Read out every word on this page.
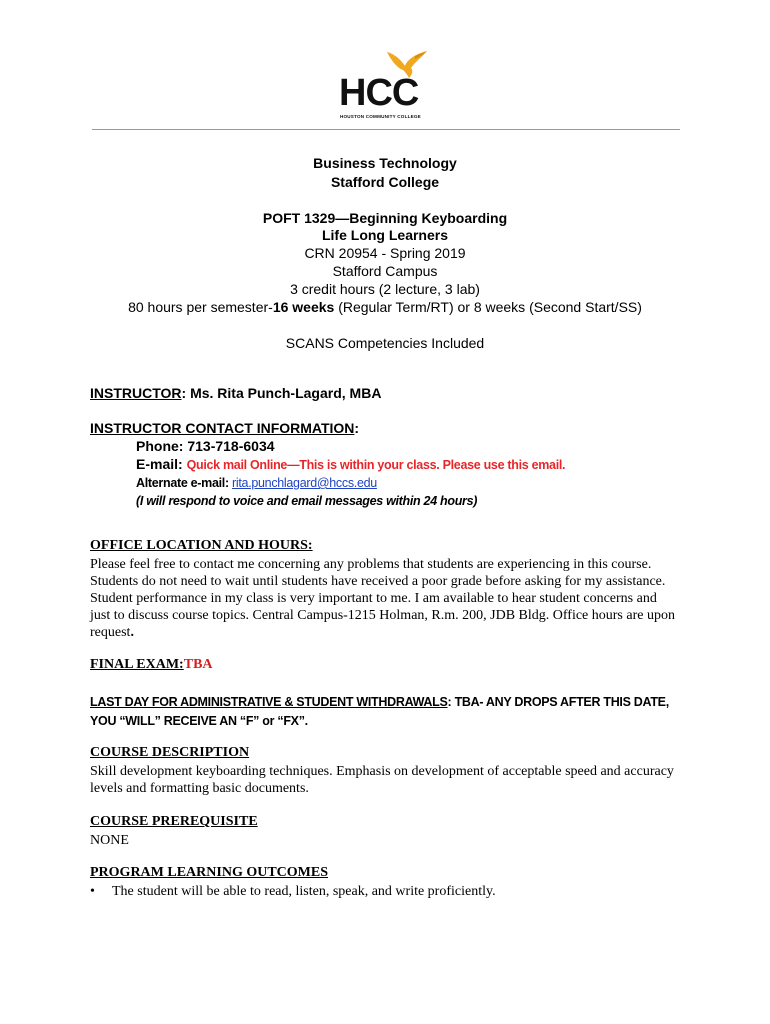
HCC
HOUSTON COMMUNITY COLLEGE
Business Technology
Stafford College
POFT 1329—Beginning Keyboarding
Life Long Learners
CRN 20954 - Spring 2019
Stafford Campus
3 credit hours (2 lecture, 3 lab)
80 hours per semester-16 weeks (Regular Term/RT) or 8 weeks (Second Start/SS)
SCANS Competencies Included
INSTRUCTOR: Ms. Rita Punch-Lagard, MBA
INSTRUCTOR CONTACT INFORMATION:
Phone: 713-718-6034
E-mail: Quick mail Online—This is within your class. Please use this email.
Alternate e-mail: rita.punchlagard@hccs.edu
(I will respond to voice and email messages within 24 hours)
OFFICE LOCATION AND HOURS:
Please feel free to contact me concerning any problems that students are experiencing in this course. Students do not need to wait until students have received a poor grade before asking for my assistance. Student performance in my class is very important to me. I am available to hear student concerns and just to discuss course topics. Central Campus-1215 Holman, R.m. 200, JDB Bldg. Office hours are upon request.
FINAL EXAM:TBA
LAST DAY FOR ADMINISTRATIVE & STUDENT WITHDRAWALS: TBA- ANY DROPS AFTER THIS DATE, YOU “WILL” RECEIVE AN “F” or “FX”.
COURSE DESCRIPTION
Skill development keyboarding techniques. Emphasis on development of acceptable speed and accuracy levels and formatting basic documents.
COURSE PREREQUISITE
NONE
PROGRAM LEARNING OUTCOMES
• The student will be able to read, listen, speak, and write proficiently.
